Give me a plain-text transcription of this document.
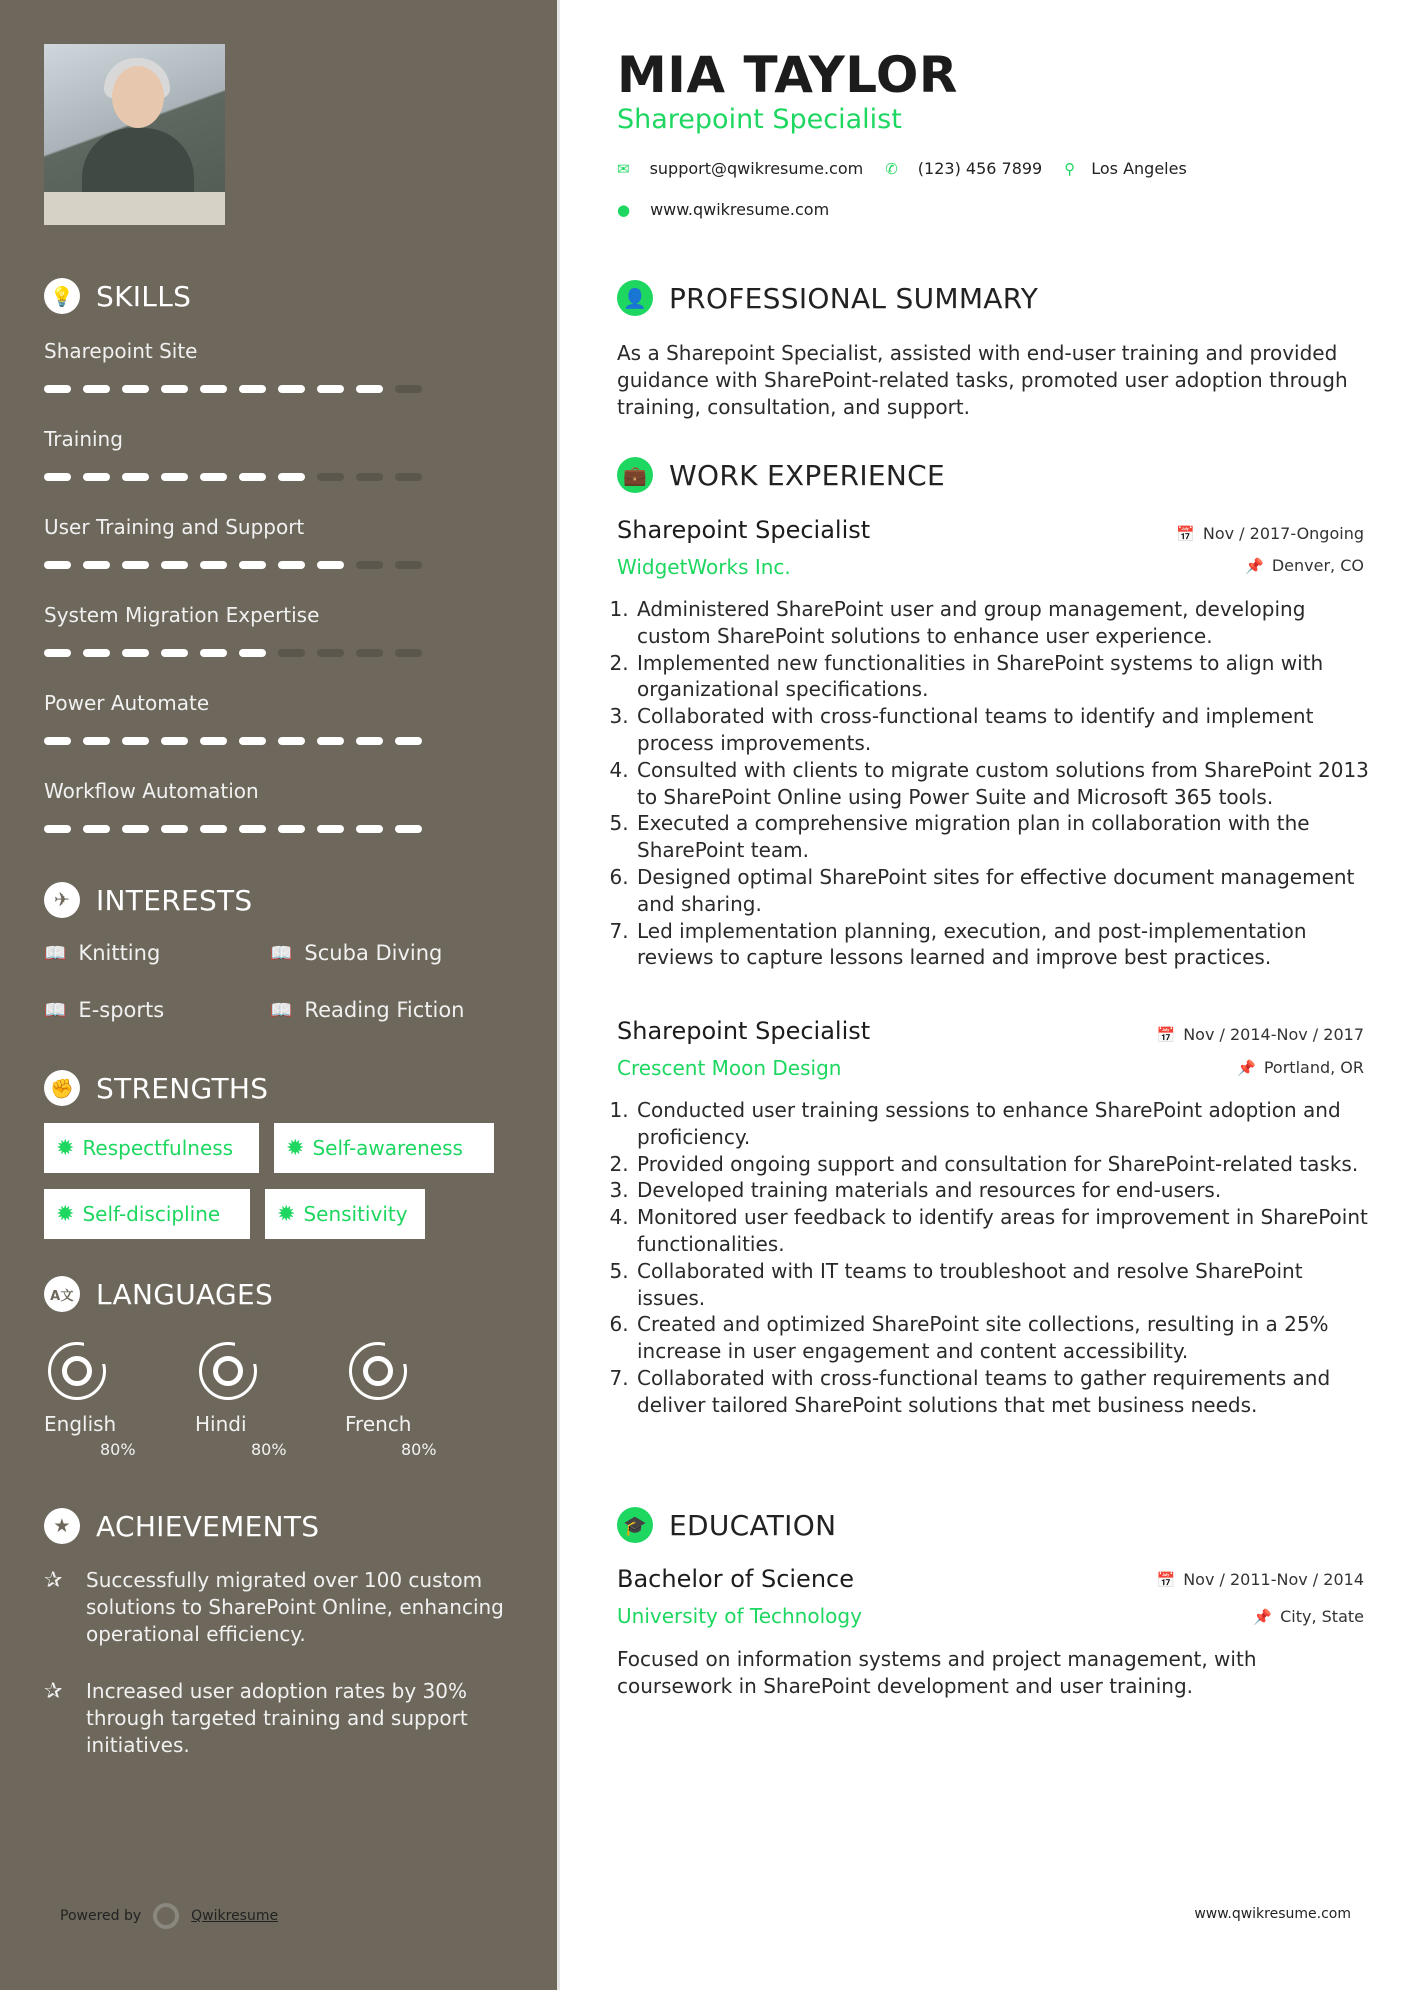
💡 SKILLS
Sharepoint Site
Training
User Training and Support
System Migration Expertise
Power Automate
Workflow Automation
✈ INTERESTS
📖 Knitting	📖 Scuba Diving
📖 E-sports	📖 Reading Fiction
✊ STRENGTHS
✹ Respectfulness ✹ Self-awareness
✹ Self-discipline	✹ Sensitivity
A文 LANGUAGES
English
80%
Hindi
80%
French
80%
★ ACHIEVEMENTS
✰	Successfully migrated over 100 custom solutions to SharePoint Online, enhancing operational efficiency.
✰	Increased user adoption rates by 30% through targeted training and support initiatives.
Powered by	Qwikresume
MIA TAYLOR
Sharepoint Specialist
✉ support@qwikresume.com ✆ (123) 456 7899 ⚲ Los Angeles
● www.qwikresume.com
👤 PROFESSIONAL SUMMARY
As a Sharepoint Specialist, assisted with end-user training and provided guidance with SharePoint-related tasks, promoted user adoption through training, consultation, and support.
💼 WORK EXPERIENCE
Sharepoint Specialist	📅 Nov / 2017-Ongoing
WidgetWorks Inc.	📌 Denver, CO
1. Administered SharePoint user and group management, developing custom SharePoint solutions to enhance user experience.
2. Implemented new functionalities in SharePoint systems to align with organizational specifications.
3. Collaborated with cross-functional teams to identify and implement process improvements.
4. Consulted with clients to migrate custom solutions from SharePoint 2013 to SharePoint Online using Power Suite and Microsoft 365 tools.
5. Executed a comprehensive migration plan in collaboration with the SharePoint team.
6. Designed optimal SharePoint sites for effective document management and sharing.
7. Led implementation planning, execution, and post-implementation reviews to capture lessons learned and improve best practices.
Sharepoint Specialist	📅 Nov / 2014-Nov / 2017
Crescent Moon Design	📌 Portland, OR
1. Conducted user training sessions to enhance SharePoint adoption and proficiency.
2. Provided ongoing support and consultation for SharePoint-related tasks.
3. Developed training materials and resources for end-users.
4. Monitored user feedback to identify areas for improvement in SharePoint functionalities.
5. Collaborated with IT teams to troubleshoot and resolve SharePoint issues.
6. Created and optimized SharePoint site collections, resulting in a 25% increase in user engagement and content accessibility.
7. Collaborated with cross-functional teams to gather requirements and deliver tailored SharePoint solutions that met business needs.
🎓 EDUCATION
Bachelor of Science	📅 Nov / 2011-Nov / 2014
University of Technology	📌 City, State
Focused on information systems and project management, with coursework in SharePoint development and user training.
www.qwikresume.com
